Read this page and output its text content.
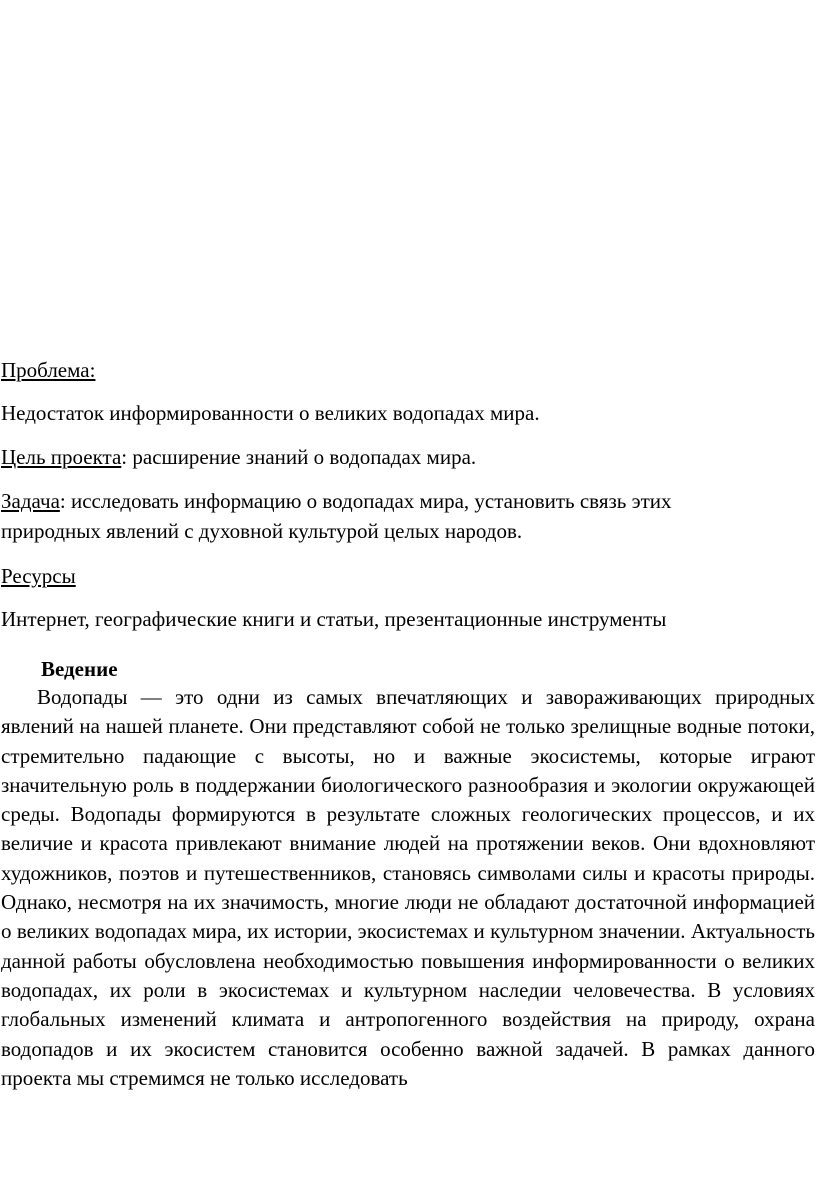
Проблема:
Недостаток информированности о великих водопадах мира.
Цель проекта: расширение знаний о водопадах мира.
Задача: исследовать информацию о водопадах мира, установить связь этих
природных явлений с духовной культурой целых народов.
Ресурсы
Интернет, географические книги и статьи, презентационные инструменты
Ведение
Водопады — это одни из самых впечатляющих и завораживающих природных явлений на нашей планете. Они представляют собой не только зрелищные водные потоки, стремительно падающие с высоты, но и важные экосистемы, которые играют значительную роль в поддержании биологического разнообразия и экологии окружающей среды. Водопады формируются в результате сложных геологических процессов, и их величие и красота привлекают внимание людей на протяжении веков. Они вдохновляют художников, поэтов и путешественников, становясь символами силы и красоты природы. Однако, несмотря на их значимость, многие люди не обладают достаточной информацией о великих водопадах мира, их истории, экосистемах и культурном значении. Актуальность данной работы обусловлена необходимостью повышения информированности о великих водопадах, их роли в экосистемах и культурном наследии человечества. В условиях глобальных изменений климата и антропогенного воздействия на природу, охрана водопадов и их экосистем становится особенно важной задачей. В рамках данного проекта мы стремимся не только исследовать
